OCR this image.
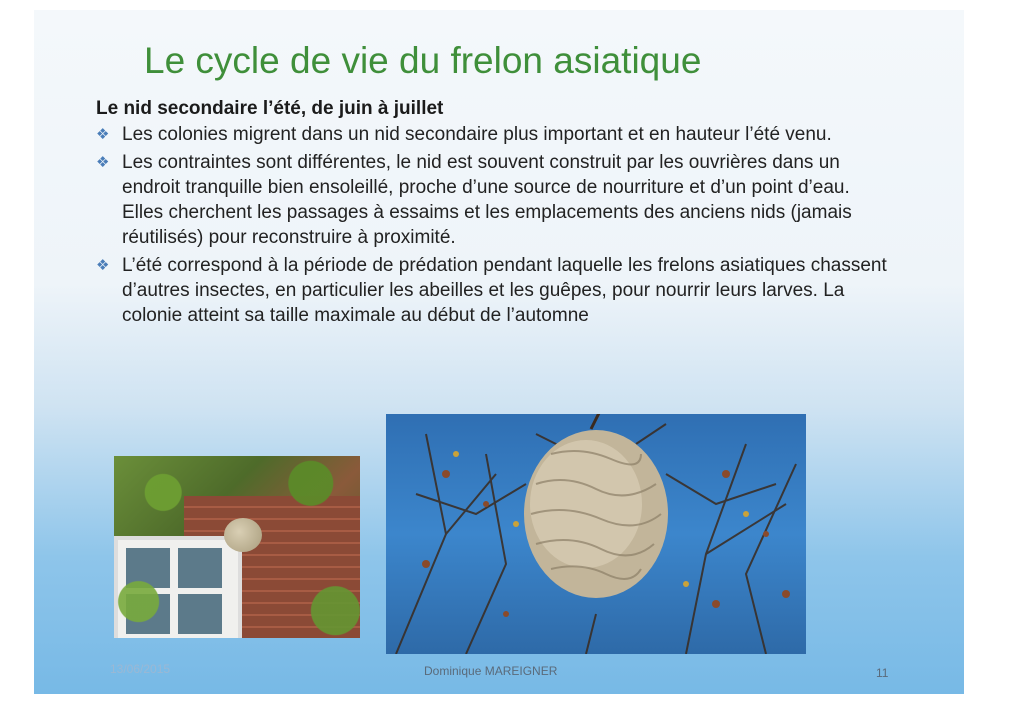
Le cycle de vie du frelon asiatique
Le nid secondaire l’été, de juin à juillet
❖ Les colonies migrent dans un nid secondaire plus important et en hauteur l’été venu.
❖ Les contraintes sont différentes, le nid est souvent construit par les ouvrières dans un endroit tranquille bien ensoleillé, proche d’une source de nourriture et d’un point d’eau. Elles cherchent les passages à essaims et les emplacements des anciens nids (jamais réutilisés) pour reconstruire à proximité.
❖ L’été correspond à la période de prédation pendant laquelle les frelons asiatiques chassent d’autres insectes, en particulier les abeilles et les guêpes, pour nourrir leurs larves. La colonie atteint sa taille maximale au début de l’automne
13/06/2015	Dominique MAREIGNER	11
